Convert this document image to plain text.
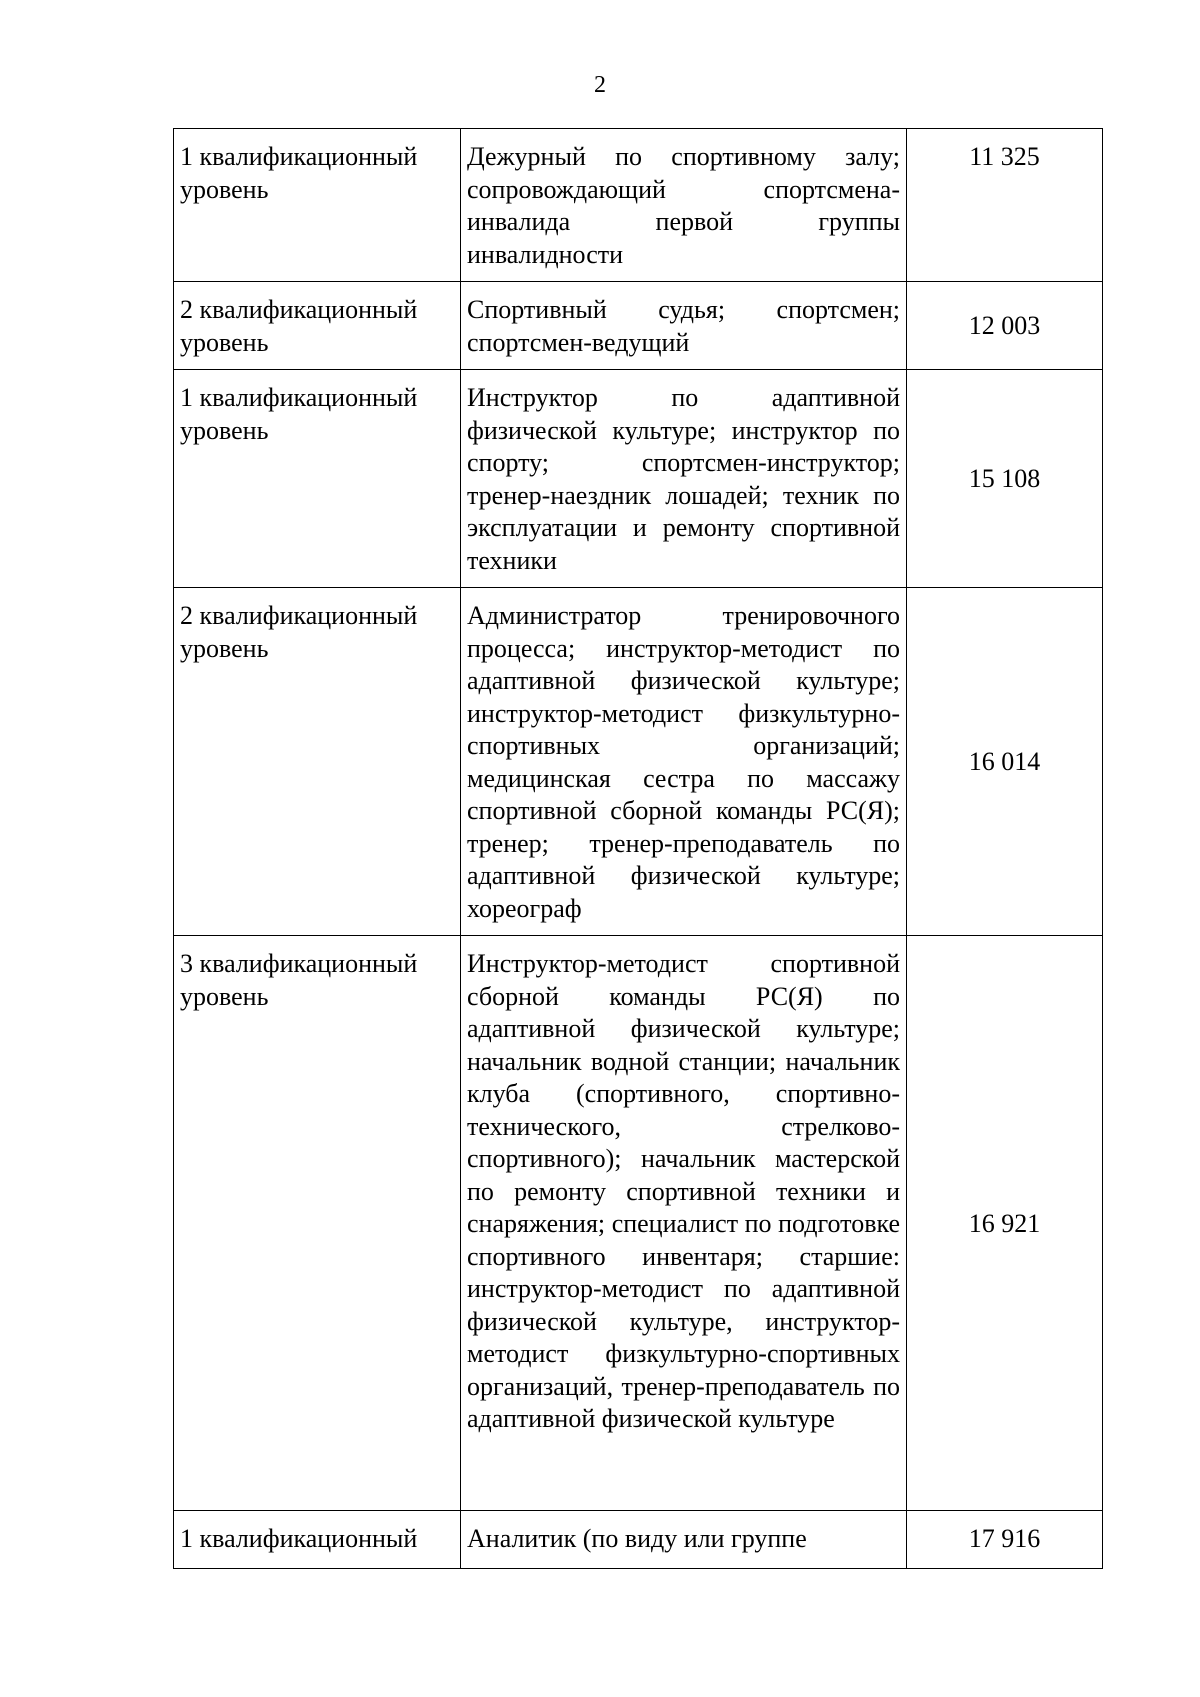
2
1 квалификационный уровень	Дежурный по спортивному залу; сопровождающий спортсмена-инвалида первой группы инвалидности	11 325

2 квалификационный уровень	Спортивный судья; спортсмен; спортсмен-ведущий	12 003

1 квалификационный уровень	Инструктор по адаптивной физической культуре; инструктор по спорту; спортсмен-инструктор; тренер-наездник лошадей; техник по эксплуатации и ремонту спортивной техники	15 108

2 квалификационный уровень	Администратор тренировочного процесса; инструктор-методист по адаптивной физической культуре; инструктор-методист физкультурно-спортивных организаций; медицинская сестра по массажу спортивной сборной команды РС(Я); тренер; тренер-преподаватель по адаптивной физической культуре; хореограф	16 014

3 квалификационный уровень	Инструктор-методист спортивной сборной команды РС(Я) по адаптивной физической культуре; начальник водной станции; начальник клуба (спортивного, спортивно-технического, стрелково-спортивного); начальник мастерской по ремонту спортивной техники и снаряжения; специалист по подготовке спортивного инвентаря; старшие: инструктор-методист по адаптивной физической культуре, инструктор-методист физкультурно-спортивных организаций, тренер-преподаватель по адаптивной физической культуре	16 921

1 квалификационный	Аналитик (по виду или группе	17 916
